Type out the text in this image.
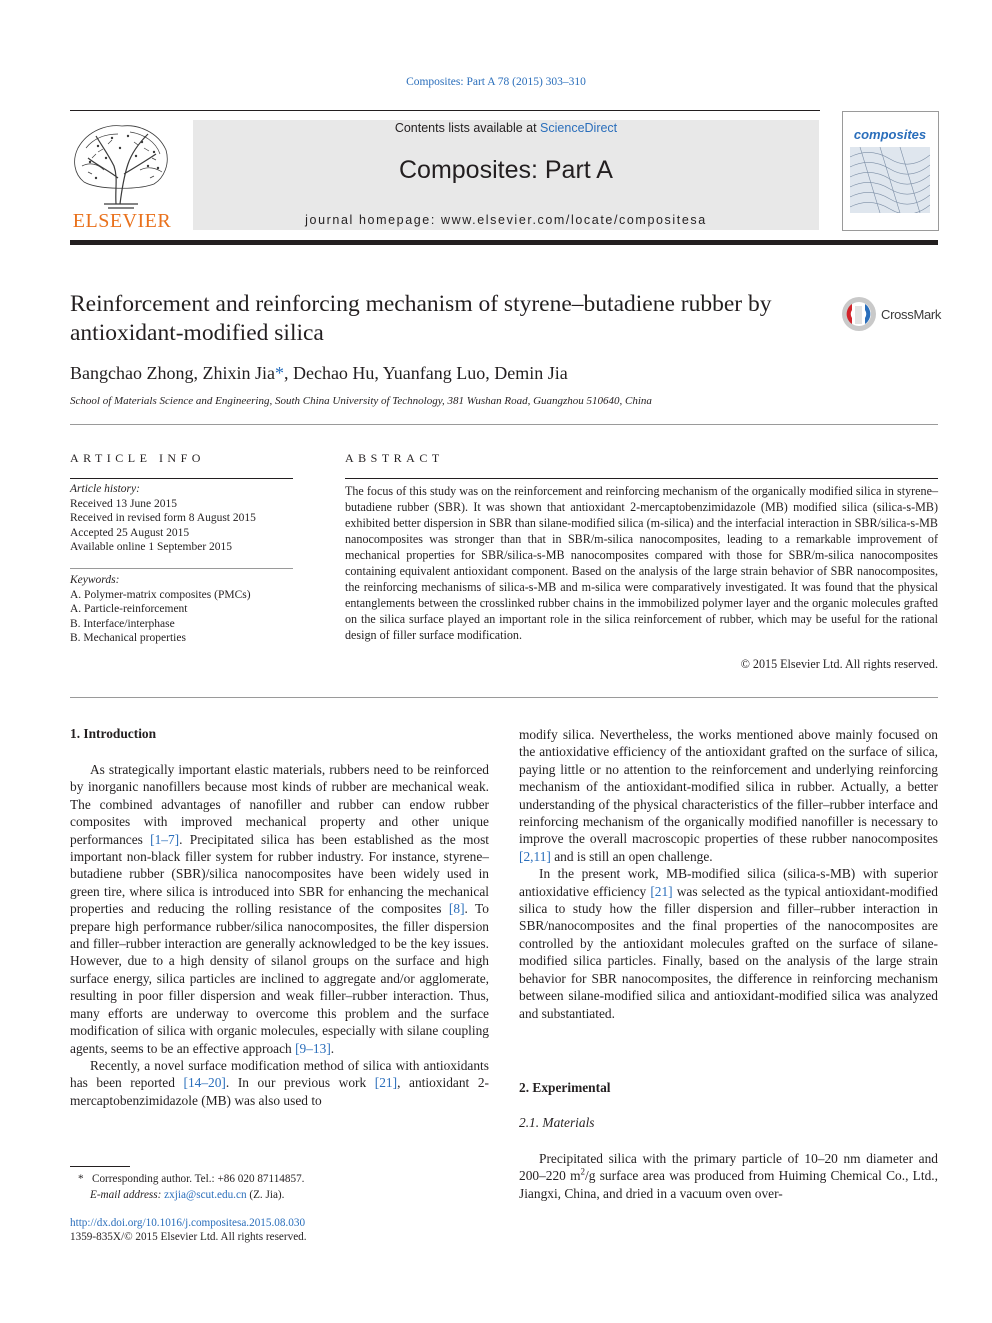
Composites: Part A 78 (2015) 303–310
ELSEVIER
Contents lists available at ScienceDirect
Composites: Part A
journal homepage: www.elsevier.com/locate/compositesa
composites
Reinforcement and reinforcing mechanism of styrene–butadiene rubber by antioxidant-modified silica
CrossMark
Bangchao Zhong, Zhixin Jia*, Dechao Hu, Yuanfang Luo, Demin Jia
School of Materials Science and Engineering, South China University of Technology, 381 Wushan Road, Guangzhou 510640, China
ARTICLE INFO
Article history:
Received 13 June 2015
Received in revised form 8 August 2015
Accepted 25 August 2015
Available online 1 September 2015
Keywords:
A. Polymer-matrix composites (PMCs)
A. Particle-reinforcement
B. Interface/interphase
B. Mechanical properties
ABSTRACT
The focus of this study was on the reinforcement and reinforcing mechanism of the organically modified silica in styrene–butadiene rubber (SBR). It was shown that antioxidant 2-mercaptobenzimidazole (MB) modified silica (silica-s-MB) exhibited better dispersion in SBR than silane-modified silica (m-silica) and the interfacial interaction in SBR/silica-s-MB nanocomposites was stronger than that in SBR/m-silica nanocomposites, leading to a remarkable improvement of mechanical properties for SBR/silica-s-MB nanocomposites compared with those for SBR/m-silica nanocomposites containing equivalent antioxidant component. Based on the analysis of the large strain behavior of SBR nanocomposites, the reinforcing mechanisms of silica-s-MB and m-silica were comparatively investigated. It was found that the physical entanglements between the crosslinked rubber chains in the immobilized polymer layer and the organic molecules grafted on the silica surface played an important role in the silica reinforcement of rubber, which may be useful for the rational design of filler surface modification.
© 2015 Elsevier Ltd. All rights reserved.
1. Introduction

As strategically important elastic materials, rubbers need to be reinforced by inorganic nanofillers because most kinds of rubber are mechanical weak. The combined advantages of nanofiller and rubber can endow rubber composites with improved mechanical property and other unique performances [1–7]. Precipitated silica has been established as the most important non-black filler system for rubber industry. For instance, styrene–butadiene rubber (SBR)/silica nanocomposites have been widely used in green tire, where silica is introduced into SBR for enhancing the mechanical properties and reducing the rolling resistance of the composites [8]. To prepare high performance rubber/silica nanocomposites, the filler dispersion and filler–rubber interaction are generally acknowledged to be the key issues. However, due to a high density of silanol groups on the surface and high surface energy, silica particles are inclined to aggregate and/or agglomerate, resulting in poor filler dispersion and weak filler–rubber interaction. Thus, many efforts are underway to overcome this problem and the surface modification of silica with organic molecules, especially with silane coupling agents, seems to be an effective approach [9–13].

Recently, a novel surface modification method of silica with antioxidants has been reported [14–20]. In our previous work [21], antioxidant 2-mercaptobenzimidazole (MB) was also used to

modify silica. Nevertheless, the works mentioned above mainly focused on the antioxidative efficiency of the antioxidant grafted on the surface of silica, paying little or no attention to the reinforcement and underlying reinforcing mechanism of the antioxidant-modified silica in rubber. Actually, a better understanding of the physical characteristics of the filler–rubber interface and reinforcing mechanism of the organically modified nanofiller is necessary to improve the overall macroscopic properties of these rubber nanocomposites [2,11] and is still an open challenge.

In the present work, MB-modified silica (silica-s-MB) with superior antioxidative efficiency [21] was selected as the typical antioxidant-modified silica to study how the filler dispersion and filler–rubber interaction in SBR/nanocomposites and the final properties of the nanocomposites are controlled by the antioxidant molecules grafted on the surface of silane-modified silica particles. Finally, based on the analysis of the large strain behavior for SBR nanocomposites, the difference in reinforcing mechanism between silane-modified silica and antioxidant-modified silica was analyzed and substantiated.

2. Experimental
2.1. Materials

Precipitated silica with the primary particle of 10–20 nm diameter and 200–220 $m^2/g$ surface area was produced from Huiming Chemical Co., Ltd., Jiangxi, China, and dried in a vacuum oven over-

* Corresponding author. Tel.: +86 020 87114857.
E-mail address: zxjia@scut.edu.cn (Z. Jia).
http://dx.doi.org/10.1016/j.compositesa.2015.08.030
1359-835X/© 2015 Elsevier Ltd. All rights reserved.
